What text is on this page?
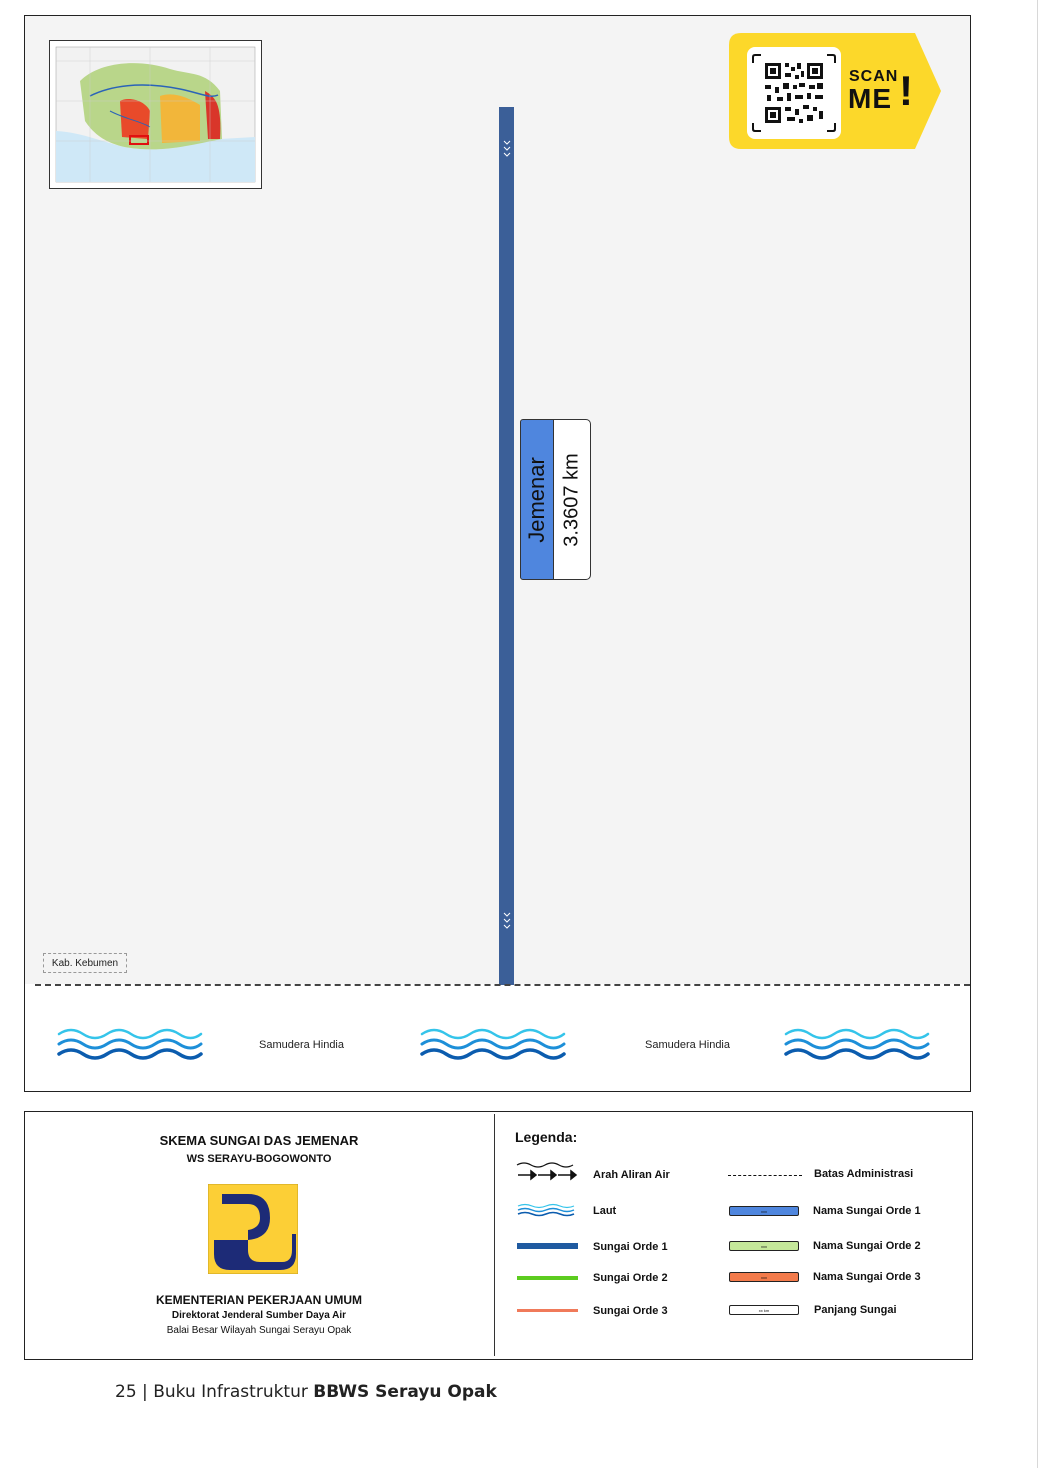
SCAN
ME !
Jemenar 3.3607 km
Kab. Kebumen
Samudera Hindia	Samudera Hindia
SKEMA SUNGAI DAS JEMENAR
WS SERAYU-BOGOWONTO
KEMENTERIAN PEKERJAAN UMUM
Direktorat Jenderal Sumber Daya Air
Balai Besar Wilayah Sungai Serayu Opak
Legenda:
Arah Aliran Air
Laut
Sungai Orde 1
Sungai Orde 2
Sungai Orde 3
Batas Administrasi
xxx	Nama Sungai Orde 1
xxx	Nama Sungai Orde 2
xxx	Nama Sungai Orde 3
xx km	Panjang Sungai
25 | Buku Infrastruktur BBWS Serayu Opak
